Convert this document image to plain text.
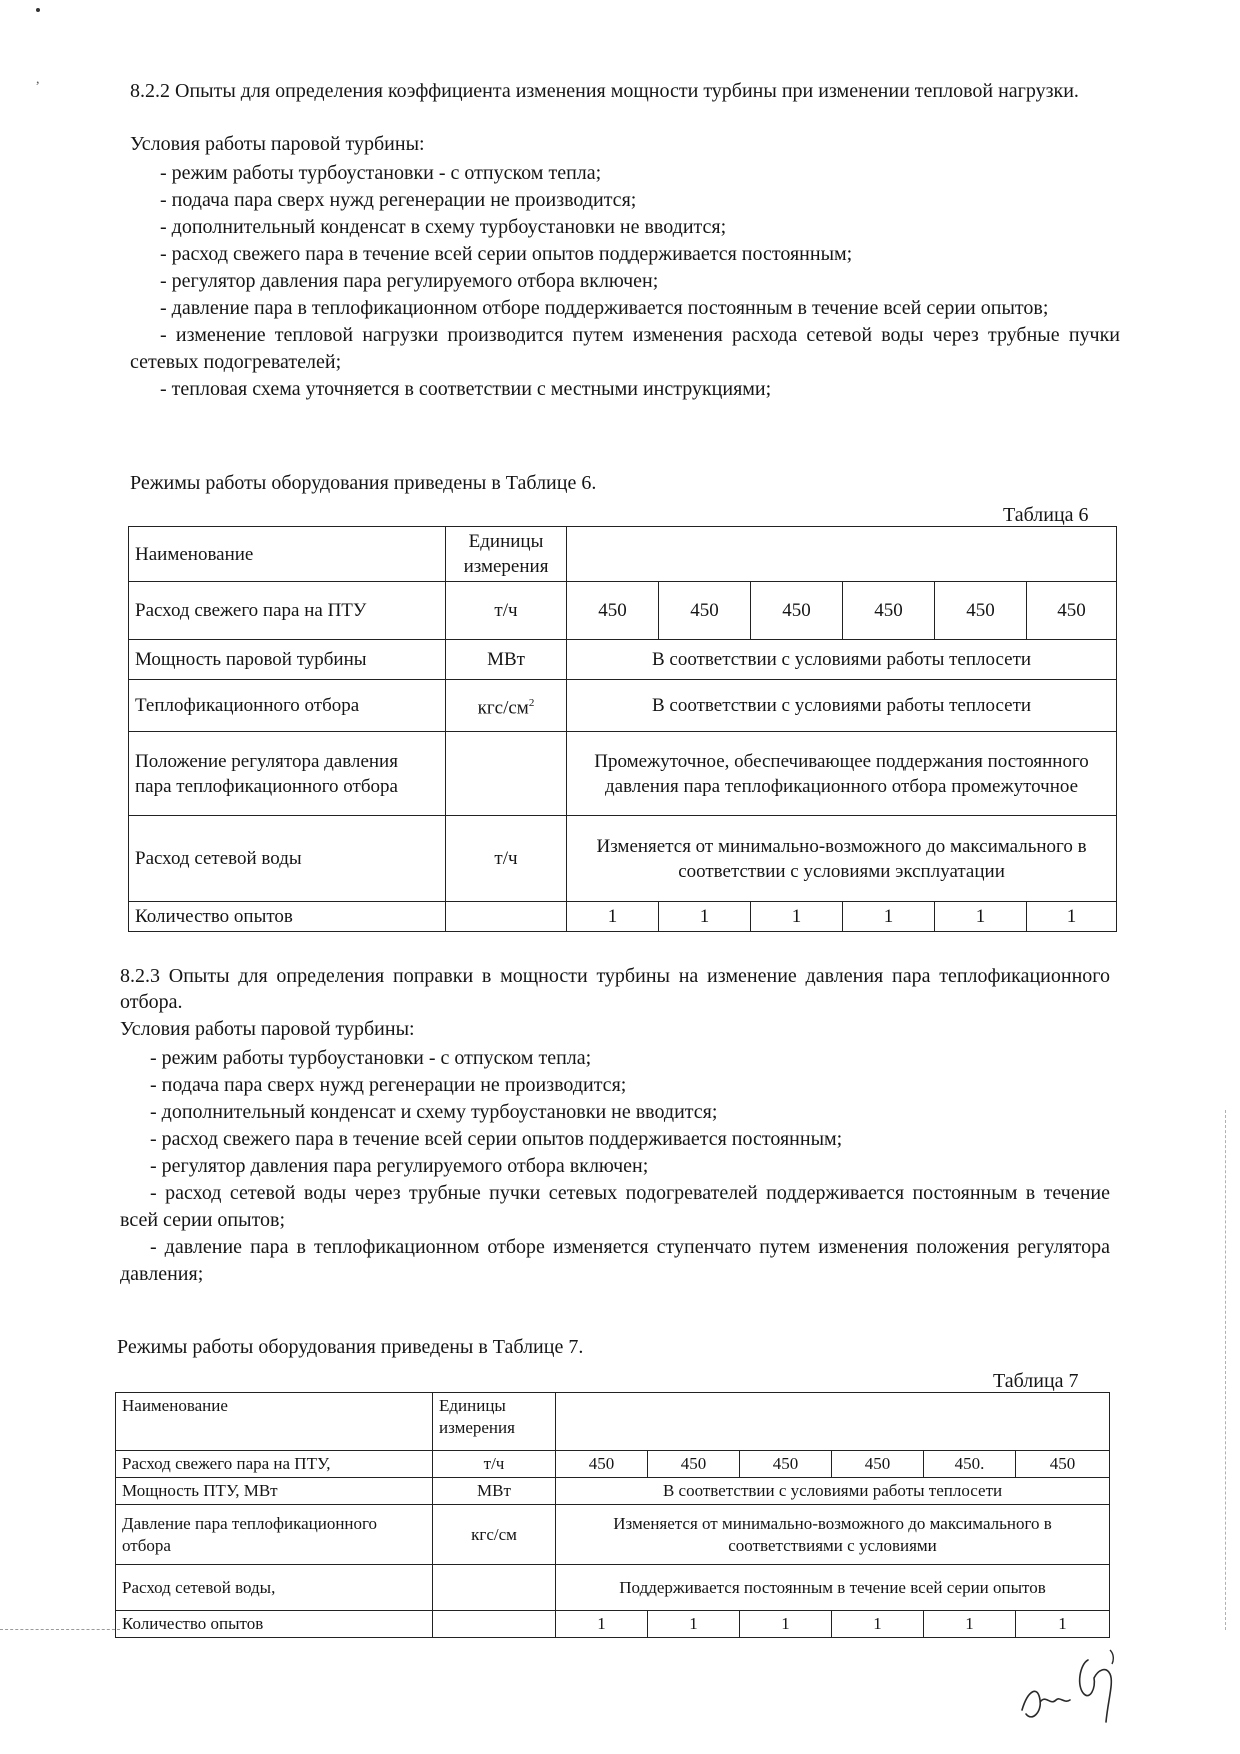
,
8.2.2 Опыты для определения коэффициента изменения мощности турбины при изменении тепловой нагрузки.
Условия работы паровой турбины:
- режим работы турбоустановки - с отпуском тепла;
- подача пара сверх нужд регенерации не производится;
- дополнительный конденсат в схему турбоустановки не вводится;
- расход свежего пара в течение всей серии опытов поддерживается постоянным;
- регулятор давления пара регулируемого отбора включен;
- давление пара в теплофикационном отборе поддерживается постоянным в течение всей серии опытов;
- изменение тепловой нагрузки производится путем изменения расхода сетевой воды через трубные пучки сетевых подогревателей;
- тепловая схема уточняется в соответствии с местными инструкциями;
Режимы работы оборудования приведены в Таблице 6.
Таблица 6
Наименование	Единицы измерения						
Расход свежего пара на ПТУ	т/ч	450	450	450	450	450	450
Мощность паровой турбины	МВт	В соответствии с условиями работы теплосети					
Теплофикационного отбора	кгс/$см^2$	В соответствии с условиями работы теплосети					
Положение регулятора давления пара теплофикационного отбора		Промежуточное, обеспечивающее поддержания постоянного давления пара теплофикационного отбора промежуточное					
Расход сетевой воды	т/ч	Изменяется от минимально-возможного до максимального в соответствии с условиями эксплуатации					
Количество опытов		1	1	1	1	1	1
8.2.3 Опыты для определения поправки в мощности турбины на изменение давления пара теплофикационного отбора.
Условия работы паровой турбины:
- режим работы турбоустановки - с отпуском тепла;
- подача пара сверх нужд регенерации не производится;
- дополнительный конденсат и схему турбоустановки не вводится;
- расход свежего пара в течение всей серии опытов поддерживается постоянным;
- регулятор давления пара регулируемого отбора включен;
- расход сетевой воды через трубные пучки сетевых подогревателей поддерживается постоянным в течение всей серии опытов;
- давление пара в теплофикационном отборе изменяется ступенчато путем изменения положения регулятора давления;
Режимы работы оборудования приведены в Таблице 7.
Таблица 7
Наименование	Единицы измерения						
Расход свежего пара на ПТУ,	т/ч	450	450	450	450	450.	450
Мощность ПТУ, МВт	МВт	В соответствии с условиями работы теплосети					
Давление пара теплофикационного отбора	кгс/см	Изменяется от минимально-возможного до максимального в соответствиями с условиями					
Расход сетевой воды,		Поддерживается постоянным в течение всей серии опытов					
Количество опытов		1	1	1	1	1	1
